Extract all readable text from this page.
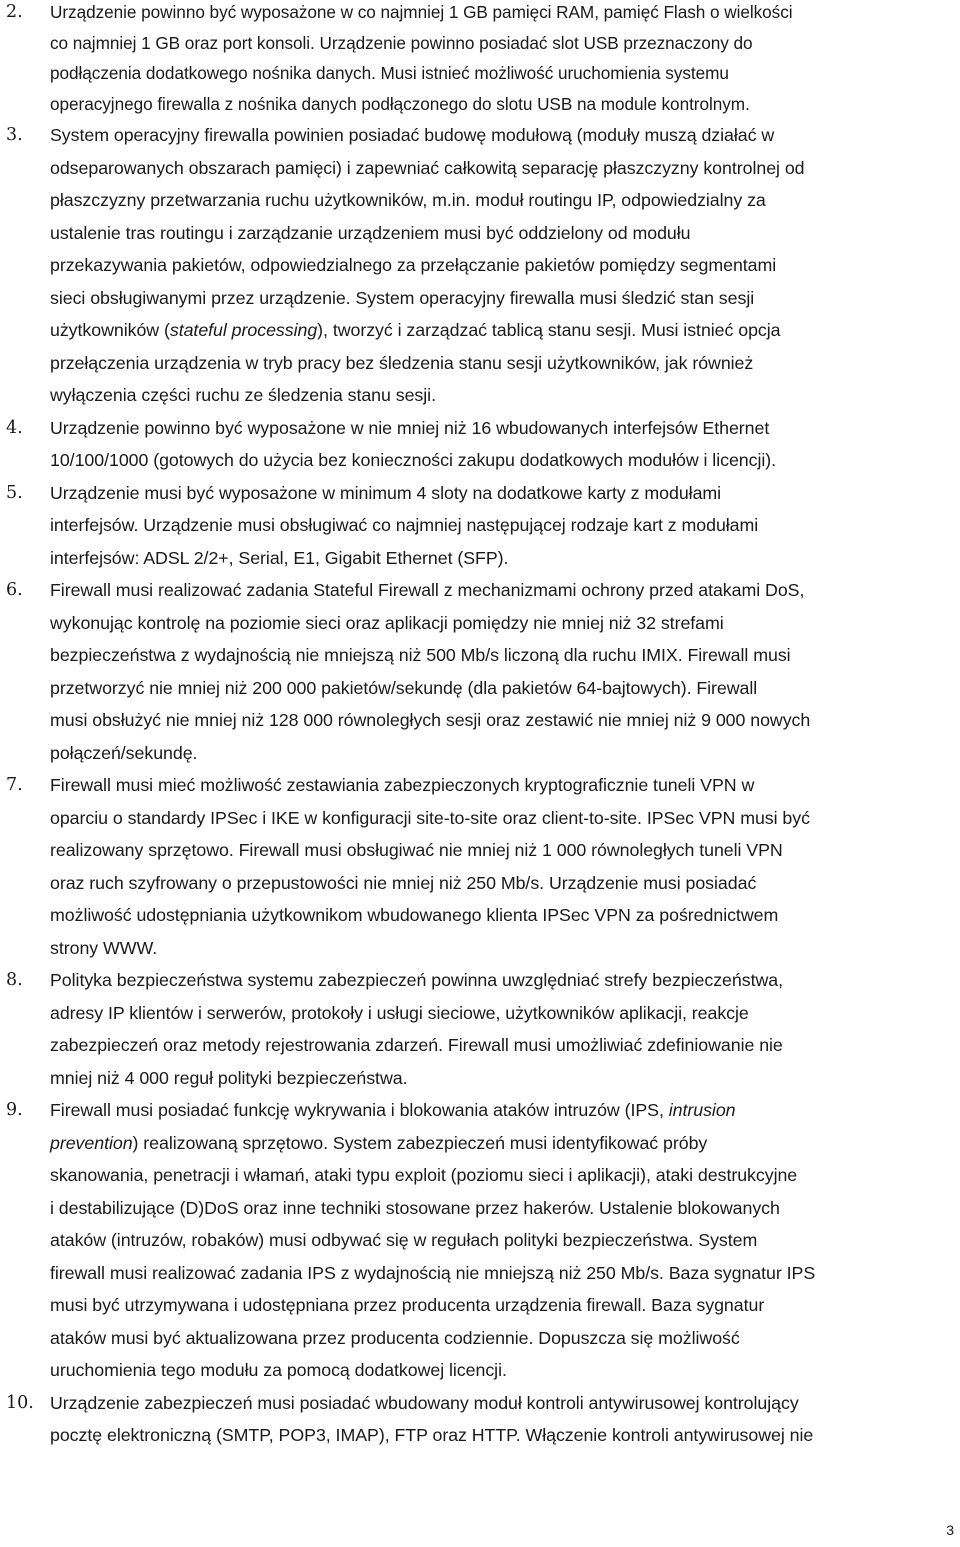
2.	Urządzenie powinno być wyposażone w co najmniej 1 GB pamięci RAM, pamięć Flash o wielkości
co najmniej 1 GB oraz port konsoli. Urządzenie powinno posiadać slot USB przeznaczony do
podłączenia dodatkowego nośnika danych. Musi istnieć możliwość uruchomienia systemu
operacyjnego firewalla z nośnika danych podłączonego do slotu USB na module kontrolnym.
3.	System operacyjny firewalla powinien posiadać budowę modułową (moduły muszą działać w
odseparowanych obszarach pamięci) i zapewniać całkowitą separację płaszczyzny kontrolnej od
płaszczyzny przetwarzania ruchu użytkowników, m.in. moduł routingu IP, odpowiedzialny za
ustalenie tras routingu i zarządzanie urządzeniem musi być oddzielony od modułu
przekazywania pakietów, odpowiedzialnego za przełączanie pakietów pomiędzy segmentami
sieci obsługiwanymi przez urządzenie. System operacyjny firewalla musi śledzić stan sesji
użytkowników (stateful processing), tworzyć i zarządzać tablicą stanu sesji. Musi istnieć opcja
przełączenia urządzenia w tryb pracy bez śledzenia stanu sesji użytkowników, jak również
wyłączenia części ruchu ze śledzenia stanu sesji.
4.	Urządzenie powinno być wyposażone w nie mniej niż 16 wbudowanych interfejsów Ethernet
10/100/1000 (gotowych do użycia bez konieczności zakupu dodatkowych modułów i licencji).
5.	Urządzenie musi być wyposażone w minimum 4 sloty na dodatkowe karty z modułami
interfejsów. Urządzenie musi obsługiwać co najmniej następującej rodzaje kart z modułami
interfejsów: ADSL 2/2+, Serial, E1, Gigabit Ethernet (SFP).
6.	Firewall musi realizować zadania Stateful Firewall z mechanizmami ochrony przed atakami DoS,
wykonując kontrolę na poziomie sieci oraz aplikacji pomiędzy nie mniej niż 32 strefami
bezpieczeństwa z wydajnością nie mniejszą niż 500 Mb/s liczoną dla ruchu IMIX. Firewall musi
przetworzyć nie mniej niż 200 000 pakietów/sekundę (dla pakietów 64-bajtowych). Firewall
musi obsłużyć nie mniej niż 128 000 równoległych sesji oraz zestawić nie mniej niż 9 000 nowych
połączeń/sekundę.
7.	Firewall musi mieć możliwość zestawiania zabezpieczonych kryptograficznie tuneli VPN w
oparciu o standardy IPSec i IKE w konfiguracji site-to-site oraz client-to-site. IPSec VPN musi być
realizowany sprzętowo. Firewall musi obsługiwać nie mniej niż 1 000 równoległych tuneli VPN
oraz ruch szyfrowany o przepustowości nie mniej niż 250 Mb/s. Urządzenie musi posiadać
możliwość udostępniania użytkownikom wbudowanego klienta IPSec VPN za pośrednictwem
strony WWW.
8.	Polityka bezpieczeństwa systemu zabezpieczeń powinna uwzględniać strefy bezpieczeństwa,
adresy IP klientów i serwerów, protokoły i usługi sieciowe, użytkowników aplikacji, reakcje
zabezpieczeń oraz metody rejestrowania zdarzeń. Firewall musi umożliwiać zdefiniowanie nie
mniej niż 4 000 reguł polityki bezpieczeństwa.
9.	Firewall musi posiadać funkcję wykrywania i blokowania ataków intruzów (IPS, intrusion
prevention) realizowaną sprzętowo. System zabezpieczeń musi identyfikować próby
skanowania, penetracji i włamań, ataki typu exploit (poziomu sieci i aplikacji), ataki destrukcyjne
i destabilizujące (D)DoS oraz inne techniki stosowane przez hakerów. Ustalenie blokowanych
ataków (intruzów, robaków) musi odbywać się w regułach polityki bezpieczeństwa. System
firewall musi realizować zadania IPS z wydajnością nie mniejszą niż 250 Mb/s. Baza sygnatur IPS
musi być utrzymywana i udostępniana przez producenta urządzenia firewall. Baza sygnatur
ataków musi być aktualizowana przez producenta codziennie. Dopuszcza się możliwość
uruchomienia tego modułu za pomocą dodatkowej licencji.
10. Urządzenie zabezpieczeń musi posiadać wbudowany moduł kontroli antywirusowej kontrolujący
pocztę elektroniczną (SMTP, POP3, IMAP), FTP oraz HTTP. Włączenie kontroli antywirusowej nie
3
